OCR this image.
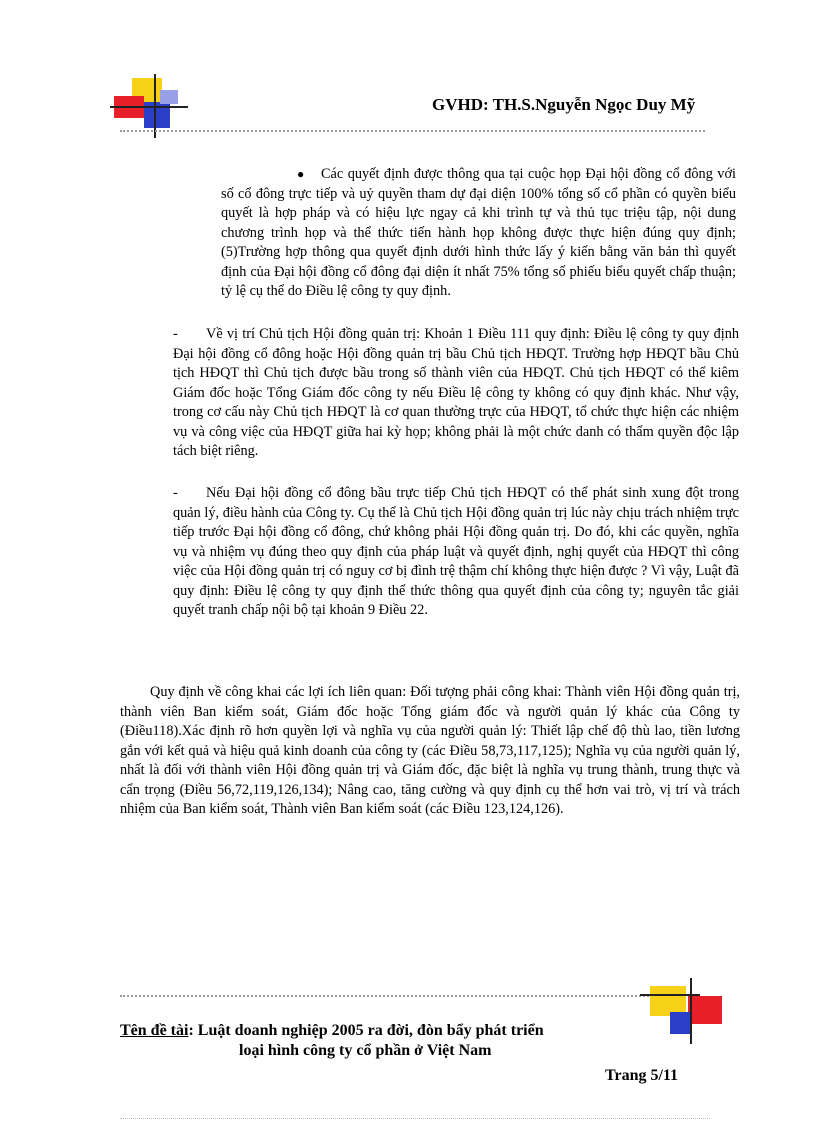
GVHD: TH.S.Nguyễn Ngọc Duy Mỹ
●	Các quyết định được thông qua tại cuộc họp Đại hội đồng cổ đông với số cổ đông trực tiếp và uỷ quyền tham dự đại diện 100% tổng số cổ phần có quyền biểu quyết là hợp pháp và có hiệu lực ngay cả khi trình tự và thủ tục triệu tập, nội dung chương trình họp và thể thức tiến hành họp không được thực hiện đúng quy định; (5)Trường hợp thông qua quyết định dưới hình thức lấy ý kiến bằng văn bản thì quyết định của Đại hội đồng cổ đông đại diện ít nhất 75% tổng số phiếu biểu quyết chấp thuận; tỷ lệ cụ thể do Điều lệ công ty quy định.
-	Về vị trí Chủ tịch Hội đồng quản trị: Khoản 1 Điều 111 quy định: Điều lệ công ty quy định Đại hội đồng cổ đông hoặc Hội đồng quản trị bầu Chủ tịch HĐQT. Trường hợp HĐQT bầu Chủ tịch HĐQT thì Chủ tịch được bầu trong số thành viên của HĐQT. Chủ tịch HĐQT có thể kiêm Giám đốc hoặc Tổng Giám đốc công ty nếu Điều lệ công ty không có quy định khác. Như vậy, trong cơ cấu này Chủ tịch HĐQT là cơ quan thường trực của HĐQT, tổ chức thực hiện các nhiệm vụ và công việc của HĐQT giữa hai kỳ họp; không phải là một chức danh có thẩm quyền độc lập tách biệt riêng.
-	Nếu Đại hội đồng cổ đông bầu trực tiếp Chủ tịch HĐQT có thể phát sinh xung đột trong quản lý, điều hành của Công ty. Cụ thể là Chủ tịch Hội đồng quản trị lúc này chịu trách nhiệm trực tiếp trước Đại hội đồng cổ đông, chứ không phải Hội đồng quản trị. Do đó, khi các quyền, nghĩa vụ và nhiệm vụ đúng theo quy định của pháp luật và quyết định, nghị quyết của HĐQT thì công việc của Hội đồng quản trị có nguy cơ bị đình trệ thậm chí không thực hiện được ? Vì vậy, Luật đã quy định: Điều lệ công ty quy định thể thức thông qua quyết định của công ty; nguyên tắc giải quyết tranh chấp nội bộ tại khoản 9 Điều 22.
Quy định về công khai các lợi ích liên quan: Đối tượng phải công khai: Thành viên Hội đồng quản trị, thành viên Ban kiểm soát, Giám đốc hoặc Tổng giám đốc và người quản lý khác của Công ty (Điều118).Xác định rõ hơn quyền lợi và nghĩa vụ của người quản lý: Thiết lập chế độ thù lao, tiền lương gắn với kết quả và hiệu quả kinh doanh của công ty (các Điều 58,73,117,125); Nghĩa vụ của người quản lý, nhất là đối với thành viên Hội đồng quản trị và Giám đốc, đặc biệt là nghĩa vụ trung thành, trung thực và cẩn trọng (Điều 56,72,119,126,134); Nâng cao, tăng cường và quy định cụ thể hơn vai trò, vị trí và trách nhiệm của Ban kiểm soát, Thành viên Ban kiểm soát (các Điều 123,124,126).
Tên đề tài: Luật doanh nghiệp 2005 ra đời, đòn bẩy phát triển
loại hình công ty cổ phần ở Việt Nam
Trang 5/11
